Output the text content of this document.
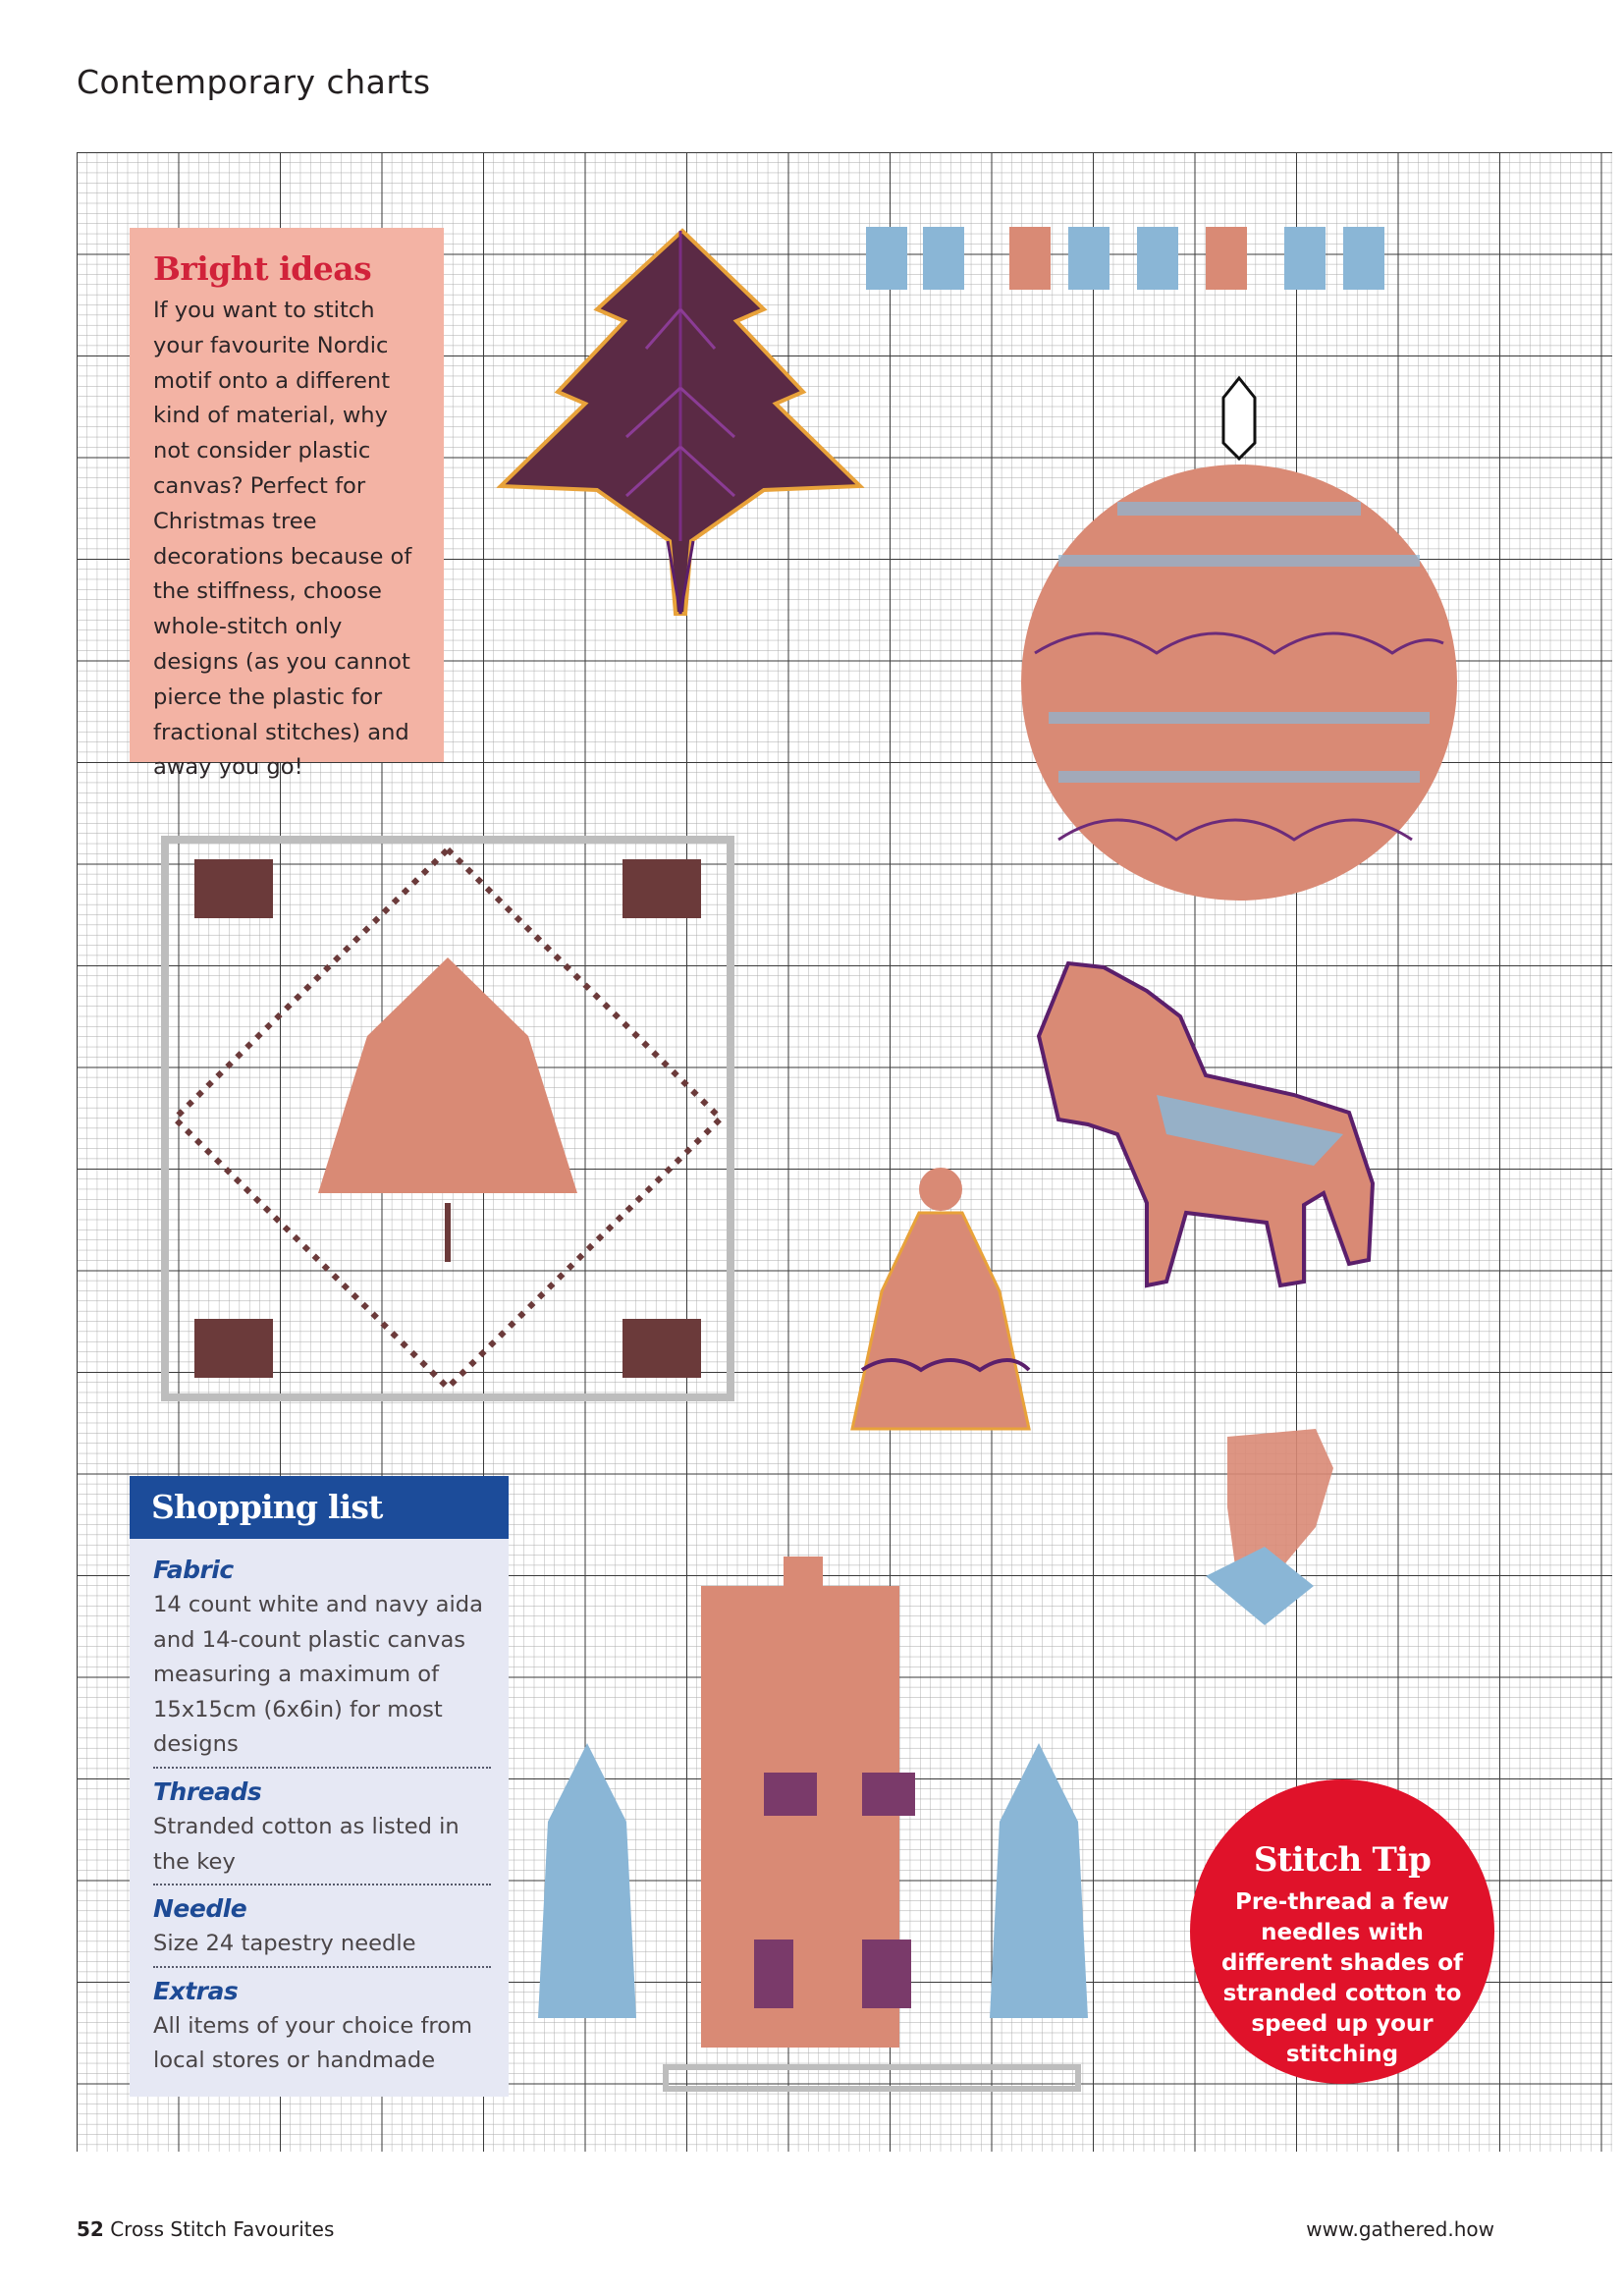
Contemporary charts
Bright ideas
If you want to stitch your favourite Nordic motif onto a different kind of material, why not consider plastic canvas? Perfect for Christmas tree decorations because of the stiffness, choose whole-stitch only designs (as you cannot pierce the plastic for fractional stitches) and away you go!
Shopping list
Fabric

14 count white and navy aida and 14-count plastic canvas measuring a maximum of 15x15cm (6x6in) for most designs

Threads

Stranded cotton as listed in the key

Needle

Size 24 tapestry needle

Extras

All items of your choice from local stores or handmade

Stitch Tip
Pre-thread a few needles with different shades of stranded cotton to speed up your stitching
52 Cross Stitch Favourites	www.gathered.how
